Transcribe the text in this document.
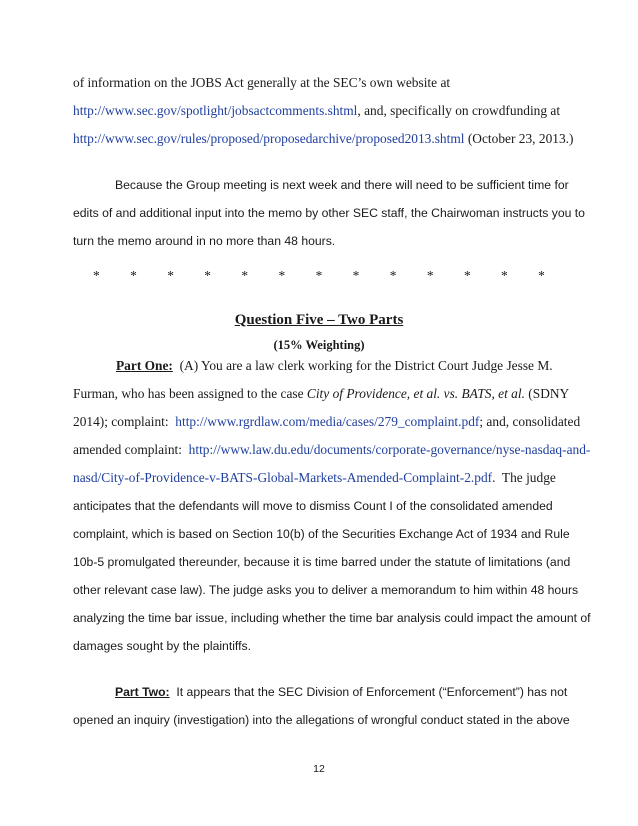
of information on the JOBS Act generally at the SEC’s own website at
http://www.sec.gov/spotlight/jobsactcomments.shtml, and, specifically on crowdfunding at
http://www.sec.gov/rules/proposed/proposedarchive/proposed2013.shtml (October 23, 2013.)
Because the Group meeting is next week and there will need to be sufficient time for
edits of and additional input into the memo by other SEC staff, the Chairwoman instructs you to
turn the memo around in no more than 48 hours.
* * * * * * * * * * * * *
Question Five – Two Parts
(15% Weighting)
Part One:  (A) You are a law clerk working for the District Court Judge Jesse M.
Furman, who has been assigned to the case City of Providence, et al. vs. BATS, et al. (SDNY
2014); complaint:  http://www.rgrdlaw.com/media/cases/279_complaint.pdf; and, consolidated
amended complaint:  http://www.law.du.edu/documents/corporate-governance/nyse-nasdaq-and-
nasd/City-of-Providence-v-BATS-Global-Markets-Amended-Complaint-2.pdf.  The judge
anticipates that the defendants will move to dismiss Count I of the consolidated amended
complaint, which is based on Section 10(b) of the Securities Exchange Act of 1934 and Rule
10b-5 promulgated thereunder, because it is time barred under the statute of limitations (and
other relevant case law). The judge asks you to deliver a memorandum to him within 48 hours
analyzing the time bar issue, including whether the time bar analysis could impact the amount of
damages sought by the plaintiffs.
Part Two:  It appears that the SEC Division of Enforcement (“Enforcement”) has not
opened an inquiry (investigation) into the allegations of wrongful conduct stated in the above
12
